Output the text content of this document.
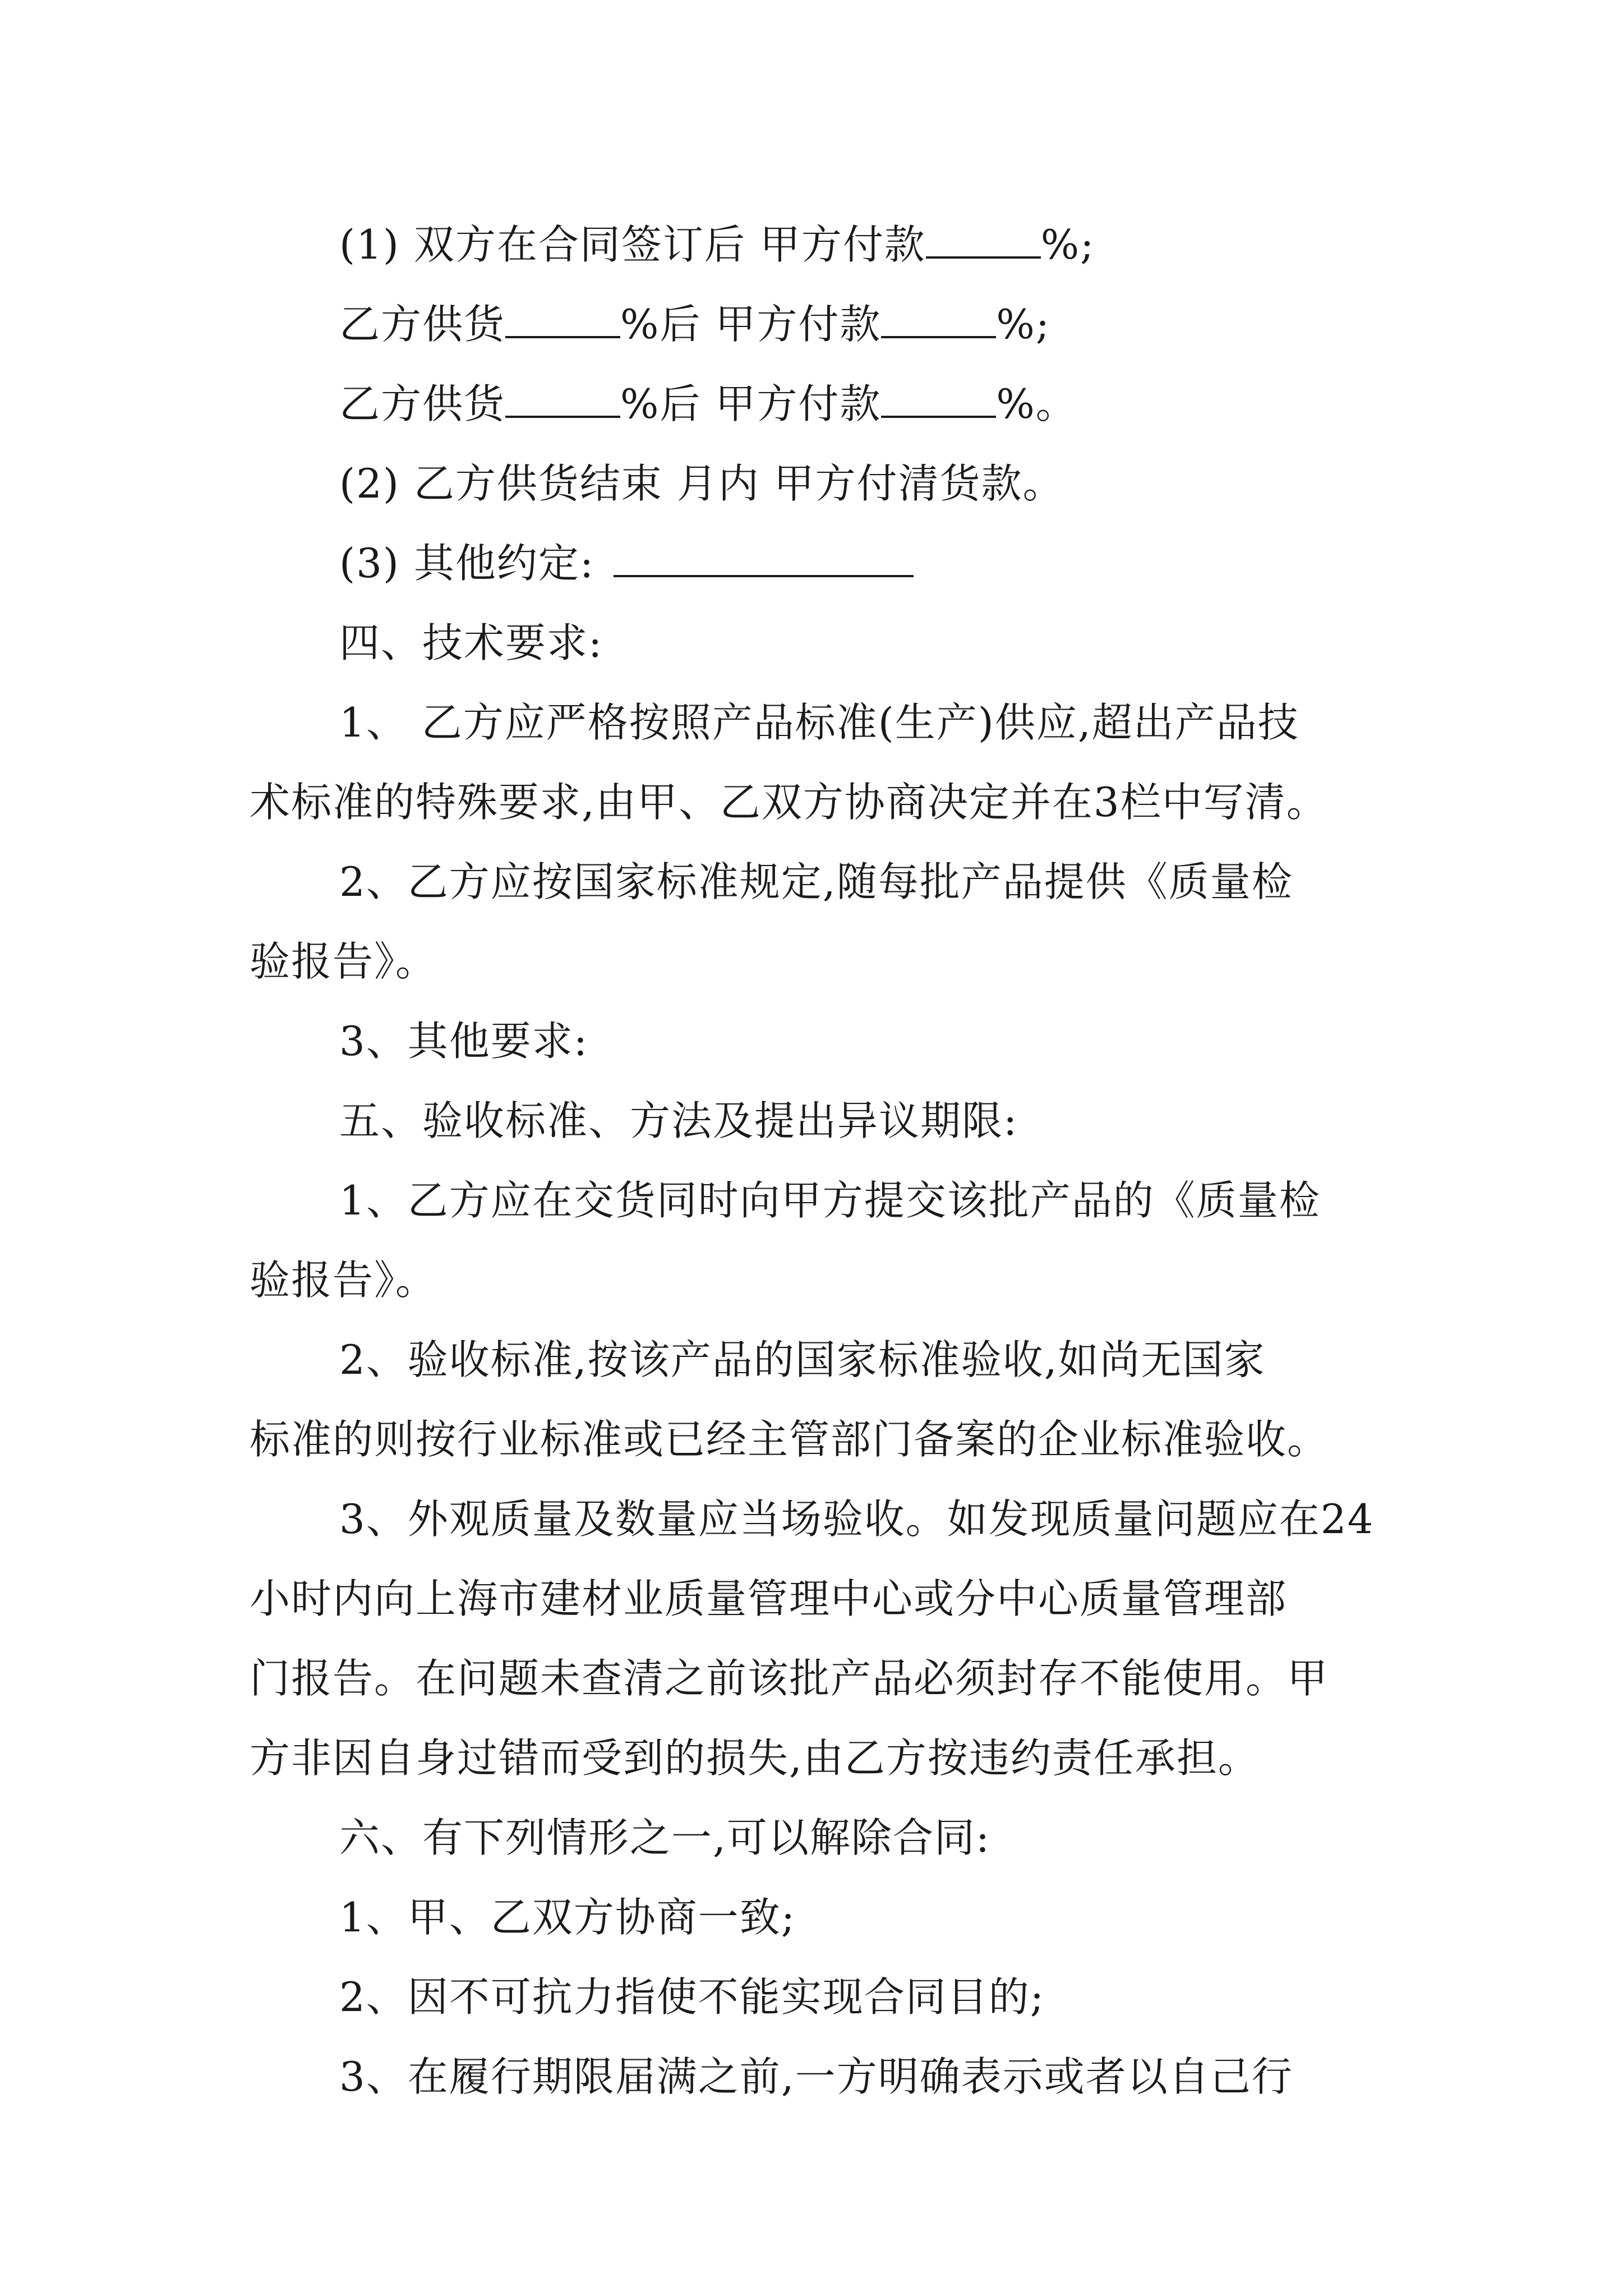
(1) 双方在合同签订后 甲方付款	%;
乙方供货	%后 甲方付款	%;
乙方供货	%后 甲方付款	%。
(2) 乙方供货结束 月内 甲方付清货款。
(3) 其他约定:
四、技术要求:
1、 乙方应严格按照产品标准(生产)供应,超出产品技
术标准的特殊要求,由甲、乙双方协商决定并在3栏中写清。
2、乙方应按国家标准规定,随每批产品提供《质量检
验报告》。
3、其他要求:
五、验收标准、方法及提出异议期限:
1、乙方应在交货同时向甲方提交该批产品的《质量检
验报告》。
2、验收标准,按该产品的国家标准验收,如尚无国家
标准的则按行业标准或已经主管部门备案的企业标准验收。
3、外观质量及数量应当场验收。如发现质量问题应在24
小时内向上海市建材业质量管理中心或分中心质量管理部
门报告。在问题未查清之前该批产品必须封存不能使用。甲
方非因自身过错而受到的损失,由乙方按违约责任承担。
六、有下列情形之一,可以解除合同:
1、甲、乙双方协商一致;
2、因不可抗力指使不能实现合同目的;
3、在履行期限届满之前,一方明确表示或者以自己行
